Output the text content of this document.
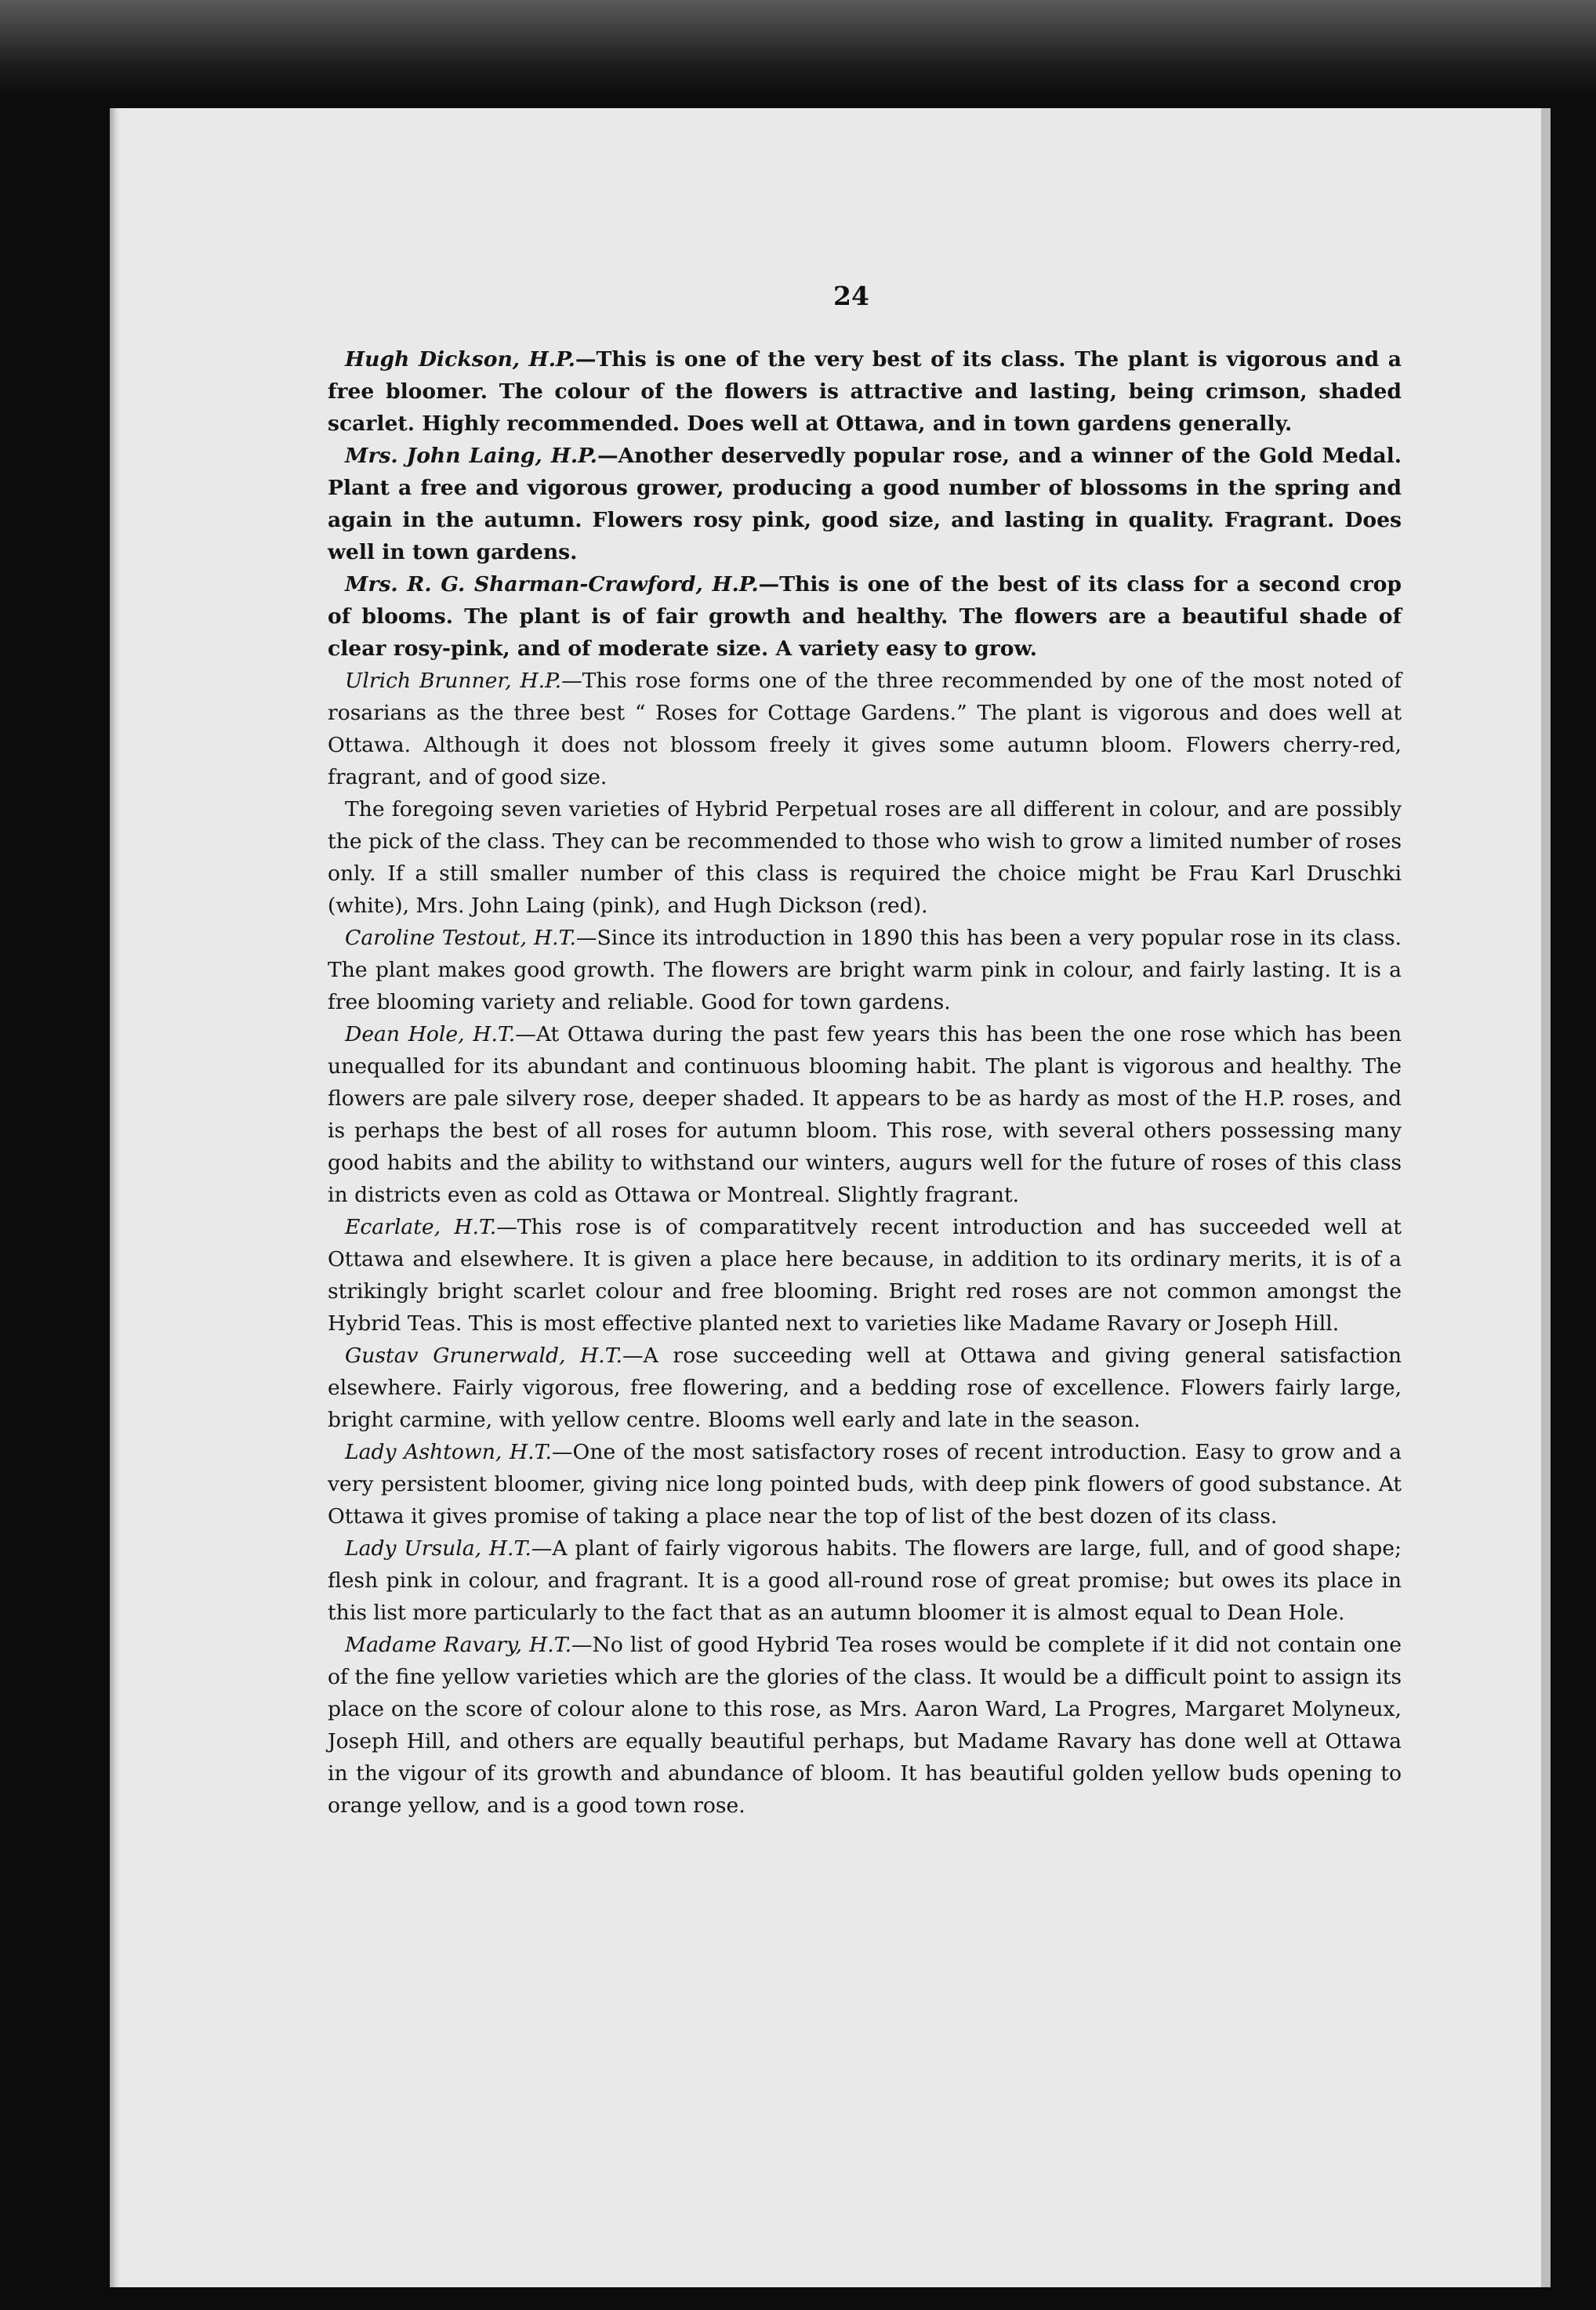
24

Hugh Dickson, H.P.—This is one of the very best of its class. The plant is vigorous and a free bloomer. The colour of the flowers is attractive and lasting, being crimson, shaded scarlet. Highly recommended. Does well at Ottawa, and in town gardens generally.

Mrs. John Laing, H.P.—Another deservedly popular rose, and a winner of the Gold Medal. Plant a free and vigorous grower, producing a good number of blossoms in the spring and again in the autumn. Flowers rosy pink, good size, and lasting in quality. Fragrant. Does well in town gardens.

Mrs. R. G. Sharman-Crawford, H.P.—This is one of the best of its class for a second crop of blooms. The plant is of fair growth and healthy. The flowers are a beautiful shade of clear rosy-pink, and of moderate size. A variety easy to grow.

Ulrich Brunner, H.P.—This rose forms one of the three recommended by one of the most noted of rosarians as the three best “ Roses for Cottage Gardens.” The plant is vigorous and does well at Ottawa. Although it does not blossom freely it gives some autumn bloom. Flowers cherry-red, fragrant, and of good size.

The foregoing seven varieties of Hybrid Perpetual roses are all different in colour, and are possibly the pick of the class. They can be recommended to those who wish to grow a limited number of roses only. If a still smaller number of this class is required the choice might be Frau Karl Druschki (white), Mrs. John Laing (pink), and Hugh Dickson (red).

Caroline Testout, H.T.—Since its introduction in 1890 this has been a very popular rose in its class. The plant makes good growth. The flowers are bright warm pink in colour, and fairly lasting. It is a free blooming variety and reliable. Good for town gardens.

Dean Hole, H.T.—At Ottawa during the past few years this has been the one rose which has been unequalled for its abundant and continuous blooming habit. The plant is vigorous and healthy. The flowers are pale silvery rose, deeper shaded. It appears to be as hardy as most of the H.P. roses, and is perhaps the best of all roses for autumn bloom. This rose, with several others possessing many good habits and the ability to withstand our winters, augurs well for the future of roses of this class in districts even as cold as Ottawa or Montreal. Slightly fragrant.

Ecarlate, H.T.—This rose is of comparatitvely recent introduction and has succeeded well at Ottawa and elsewhere. It is given a place here because, in addition to its ordinary merits, it is of a strikingly bright scarlet colour and free blooming. Bright red roses are not common amongst the Hybrid Teas. This is most effective planted next to varieties like Madame Ravary or Joseph Hill.

Gustav Grunerwald, H.T.—A rose succeeding well at Ottawa and giving general satisfaction elsewhere. Fairly vigorous, free flowering, and a bedding rose of excellence. Flowers fairly large, bright carmine, with yellow centre. Blooms well early and late in the season.

Lady Ashtown, H.T.—One of the most satisfactory roses of recent introduction. Easy to grow and a very persistent bloomer, giving nice long pointed buds, with deep pink flowers of good substance. At Ottawa it gives promise of taking a place near the top of list of the best dozen of its class.

Lady Ursula, H.T.—A plant of fairly vigorous habits. The flowers are large, full, and of good shape; flesh pink in colour, and fragrant. It is a good all-round rose of great promise; but owes its place in this list more particularly to the fact that as an autumn bloomer it is almost equal to Dean Hole.

Madame Ravary, H.T.—No list of good Hybrid Tea roses would be complete if it did not contain one of the fine yellow varieties which are the glories of the class. It would be a difficult point to assign its place on the score of colour alone to this rose, as Mrs. Aaron Ward, La Progres, Margaret Molyneux, Joseph Hill, and others are equally beautiful perhaps, but Madame Ravary has done well at Ottawa in the vigour of its growth and abundance of bloom. It has beautiful golden yellow buds opening to orange yellow, and is a good town rose.
